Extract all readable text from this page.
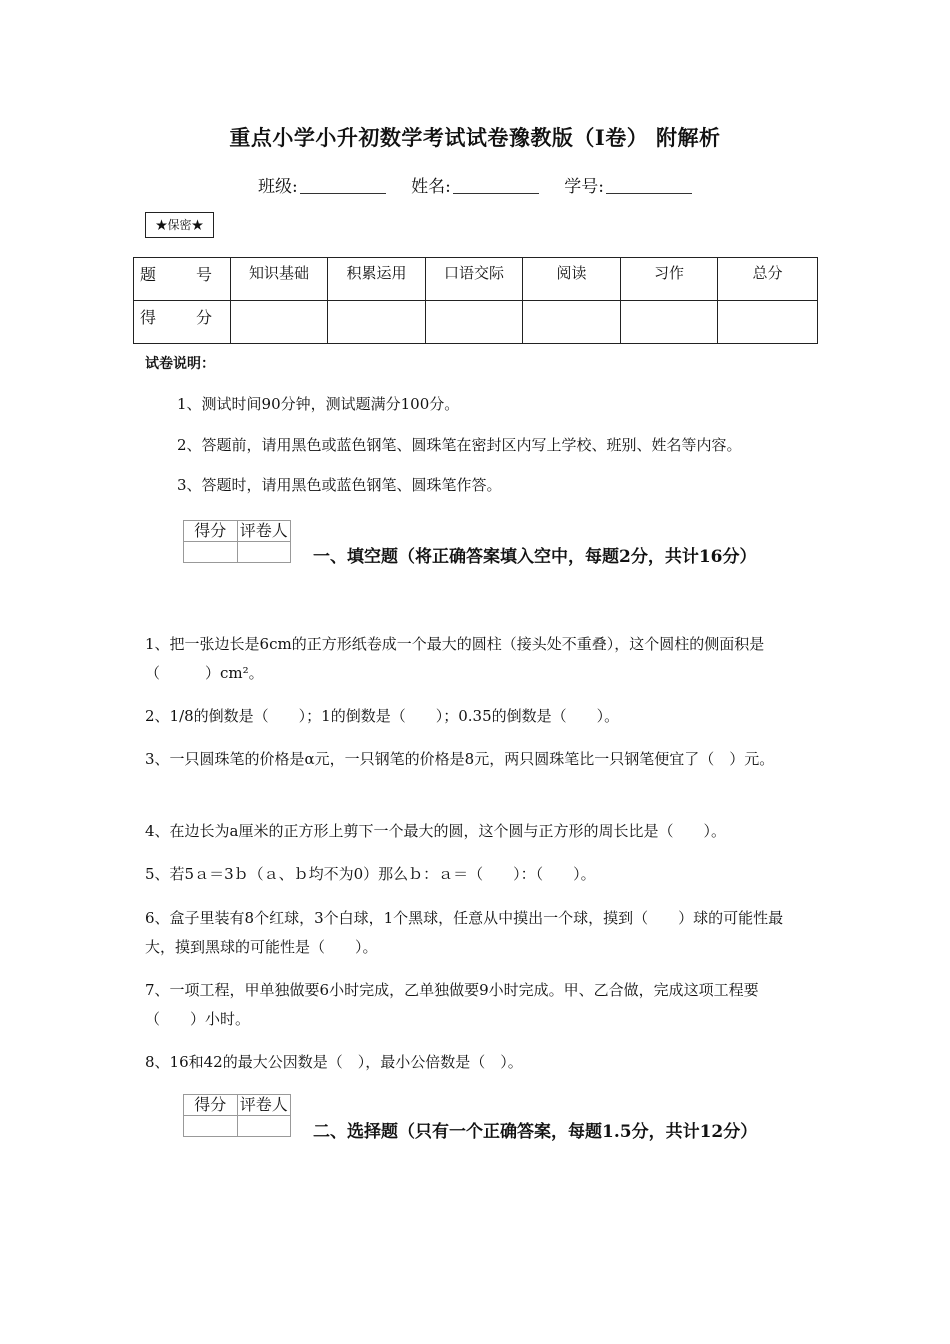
重点小学小升初数学考试试卷豫教版（I卷） 附解析
班级:	姓名:	学号:
★保密★
题　号	知识基础	积累运用	口语交际	阅读	习作	总分
得　分						
试卷说明：
1、测试时间90分钟，测试题满分100分。
2、答题前，请用黑色或蓝色钢笔、圆珠笔在密封区内写上学校、班别、姓名等内容。
3、答题时，请用黑色或蓝色钢笔、圆珠笔作答。
得分	评卷人

一、填空题（将正确答案填入空中，每题2分，共计16分）
1、把一张边长是6cm的正方形纸卷成一个最大的圆柱（接头处不重叠），这个圆柱的侧面积是（　　　）cm²。
2、1/8的倒数是（　　）；1的倒数是（　　）；0.35的倒数是（　　）。
3、一只圆珠笔的价格是α元，一只钢笔的价格是8元，两只圆珠笔比一只钢笔便宜了（　）元。
4、在边长为a厘米的正方形上剪下一个最大的圆，这个圆与正方形的周长比是（　　）。
5、若5ａ＝3ｂ（ａ、ｂ均不为0）那么ｂ：ａ＝（　　）：（　　）。
6、盒子里装有8个红球，3个白球，1个黑球，任意从中摸出一个球，摸到（　　）球的可能性最大，摸到黑球的可能性是（　　）。
7、一项工程，甲单独做要6小时完成，乙单独做要9小时完成。甲、乙合做，完成这项工程要（　　）小时。
8、16和42的最大公因数是（　），最小公倍数是（　）。
得分	评卷人

二、选择题（只有一个正确答案，每题1.5分，共计12分）
